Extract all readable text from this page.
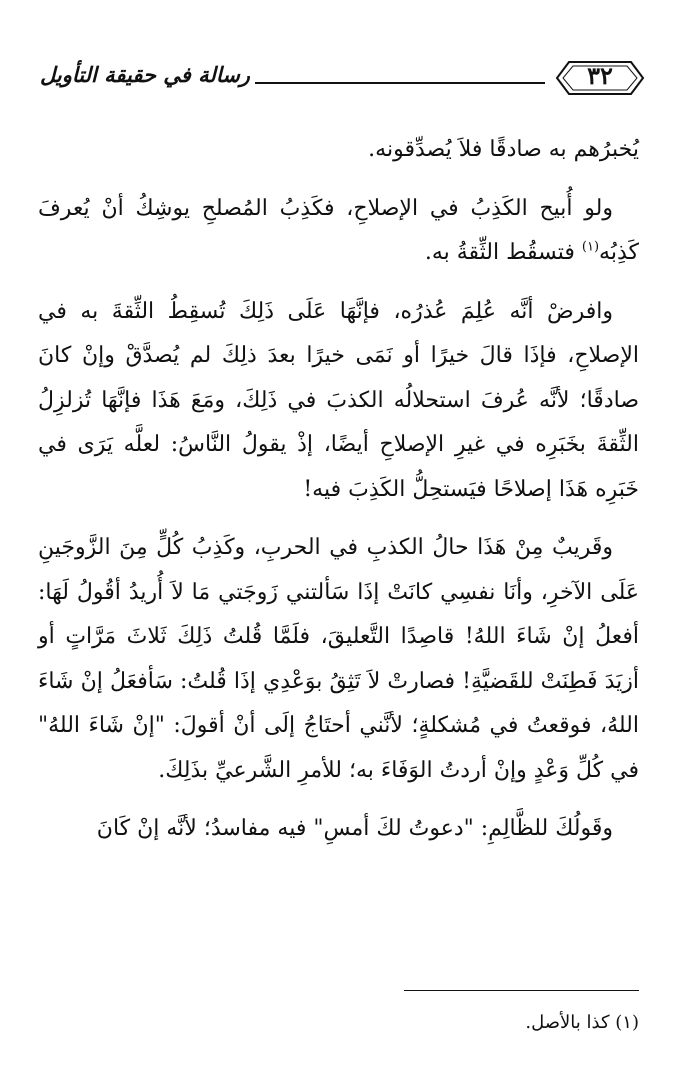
٣٢
رسالة في حقيقة التأويل

يُخبرُهم به صادقًا فلاَ يُصدِّقونه.

ولو أُبيح الكَذِبُ في الإصلاحِ، فكَذِبُ المُصلحِ يوشِكُ أنْ يُعرفَ كَذِبُه$^{(١)}$ فتسقُط الثِّقةُ به.

وافرضْ أنَّه عُلِمَ عُذرُه، فإنَّهَا عَلَى ذَلِكَ تُسقِطُ الثِّقةَ به في الإصلاحِ، فإذَا قالَ خيرًا أو نَمَى خيرًا بعدَ ذلِكَ لم يُصدَّقْ وإنْ كانَ صادقًا؛ لأنَّه عُرفَ استحلالُه الكذبَ في ذَلِكَ، ومَعَ هَذَا فإنَّهَا تُزلزِلُ الثِّقةَ بخَبَرِه في غيرِ الإصلاحِ أيضًا، إذْ يقولُ النَّاسُ: لعلَّه يَرَى في خَبَرِه هَذَا إصلاحًا فيَستحِلُّ الكَذِبَ فيه!

وقَريبٌ مِنْ هَذَا حالُ الكذبِ في الحربِ، وكَذِبُ كُلٍّ مِنَ الزَّوجَينِ عَلَى الآخرِ، وأنَا نفسِي كانَتْ إذَا سَألتني زَوجَتي مَا لاَ أُريدُ أقُولُ لَهَا: أفعلُ إنْ شَاءَ اللهُ! قاصِدًا التَّعليقَ، فلَمَّا قُلتُ ذَلِكَ ثَلاثَ مَرَّاتٍ أو أزيَدَ فَطِنَتْ للقَضيَّةِ! فصارتْ لاَ تَثِقُ بوَعْدِي إذَا قُلتُ: سَأفعَلُ إنْ شَاءَ اللهُ، فوقعتُ في مُشكلةٍ؛ لأنَّني أحتَاجُ إلَى أنْ أقولَ: "إنْ شَاءَ اللهُ" في كُلِّ وَعْدٍ وإنْ أردتُ الوَفَاءَ به؛ للأمرِ الشَّرعيِّ بذَلِكَ.

وقَولُكَ للظَّالِمِ: "دعوتُ لكَ أمسِ" فيه مفاسدُ؛ لأنَّه إنْ كَانَ

(١) كذا بالأصل.
